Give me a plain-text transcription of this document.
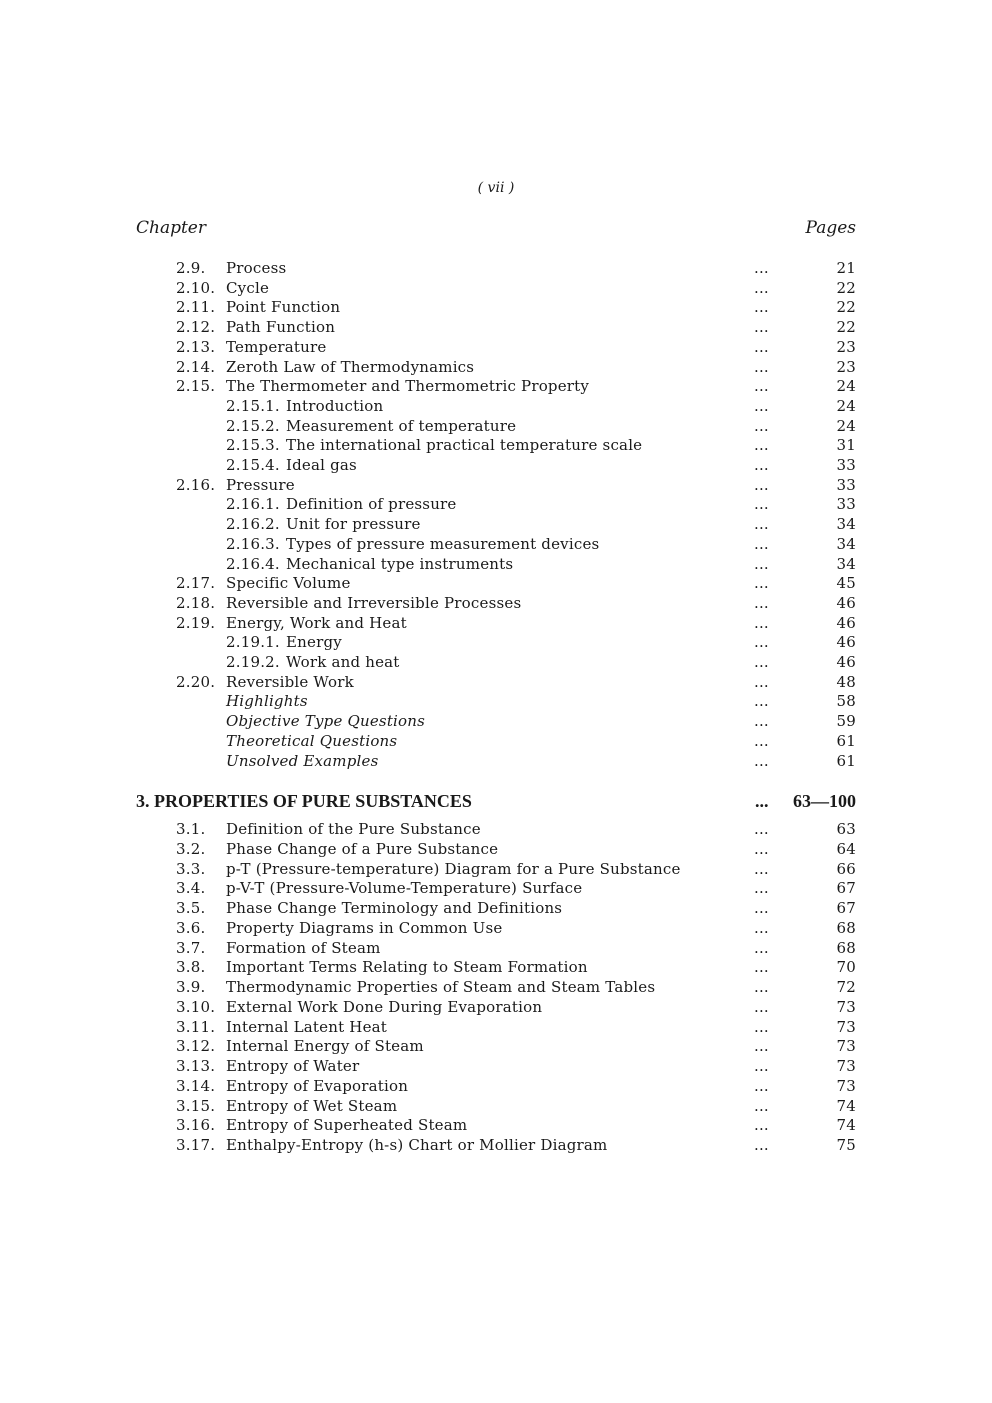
( vii )
Chapter	Pages
2.9. Process	...	21
2.10. Cycle	...	22
2.11. Point Function	...	22
2.12. Path Function	...	22
2.13. Temperature	...	23
2.14. Zeroth Law of Thermodynamics	...	23
2.15. The Thermometer and Thermometric Property	...	24
2.15.1. Introduction	...	24
2.15.2. Measurement of temperature	...	24
2.15.3. The international practical temperature scale	...	31
2.15.4. Ideal gas	...	33
2.16. Pressure	...	33
2.16.1. Definition of pressure	...	33
2.16.2. Unit for pressure	...	34
2.16.3. Types of pressure measurement devices	...	34
2.16.4. Mechanical type instruments	...	34
2.17. Specific Volume	...	45
2.18. Reversible and Irreversible Processes	...	46
2.19. Energy, Work and Heat	...	46
2.19.1. Energy	...	46
2.19.2. Work and heat	...	46
2.20. Reversible Work	...	48
Highlights	...	58
Objective Type Questions	...	59
Theoretical Questions	...	61
Unsolved Examples	...	61
3.1. Definition of the Pure Substance	...	63
3.2. Phase Change of a Pure Substance	...	64
3.3. p-T (Pressure-temperature) Diagram for a Pure Substance	...	66
3.4. p-V-T (Pressure-Volume-Temperature) Surface	...	67
3.5. Phase Change Terminology and Definitions	...	67
3.6. Property Diagrams in Common Use	...	68
3.7. Formation of Steam	...	68
3.8. Important Terms Relating to Steam Formation	...	70
3.9. Thermodynamic Properties of Steam and Steam Tables	...	72
3.10. External Work Done During Evaporation	...	73
3.11. Internal Latent Heat	...	73
3.12. Internal Energy of Steam	...	73
3.13. Entropy of Water	...	73
3.14. Entropy of Evaporation	...	73
3.15. Entropy of Wet Steam	...	74
3.16. Entropy of Superheated Steam	...	74
3.17. Enthalpy-Entropy (h-s) Chart or Mollier Diagram	...	75
3. PROPERTIES OF PURE SUBSTANCES	... 63—100
